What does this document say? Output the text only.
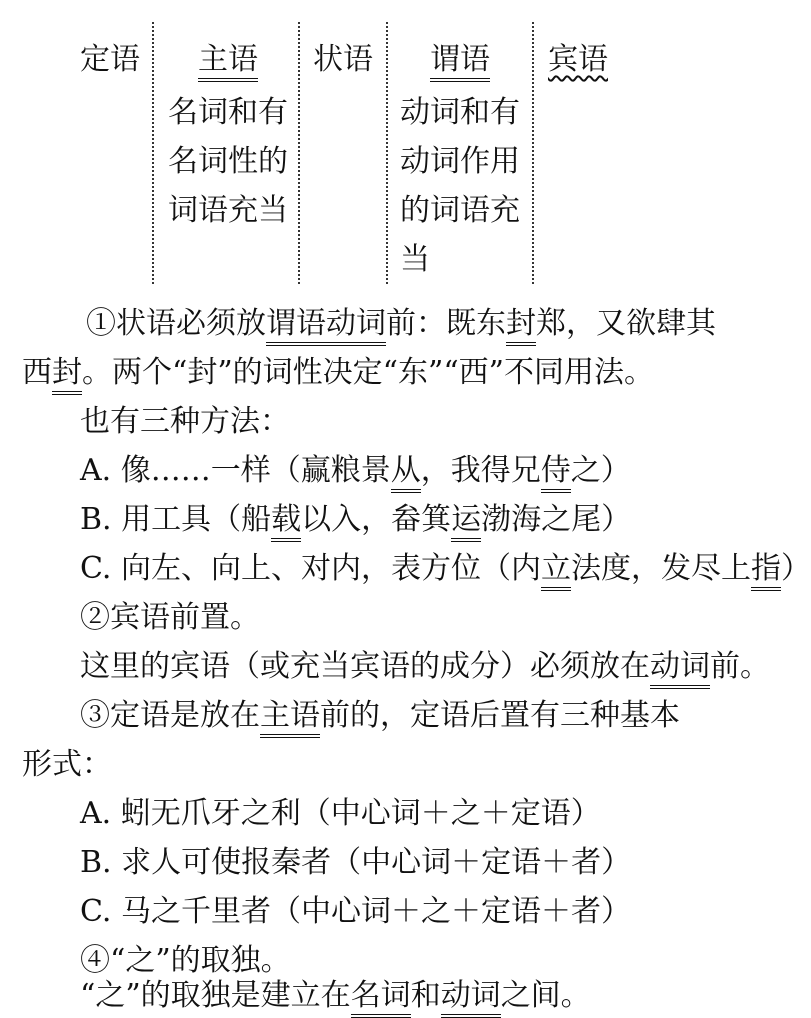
定语 主语
名词和有
名词性的
词语充当
状语 谓语
动词和有
动词作用
的词语充
当
宾语
①状语必须放谓语动词前：既东封郑，又欲肆其
西封。两个“封”的词性决定“东”“西”不同用法。
也有三种方法：
A. 像……一样（赢粮景从，我得兄侍之）
B. 用工具（船载以入，畚箕运渤海之尾）
C. 向左、向上、对内，表方位（内立法度，发尽上指）
②宾语前置。
这里的宾语（或充当宾语的成分）必须放在动词前。
③定语是放在主语前的，定语后置有三种基本
形式：
A. 蚓无爪牙之利（中心词＋之＋定语）
B. 求人可使报秦者（中心词＋定语＋者）
C. 马之千里者（中心词＋之＋定语＋者）
④“之”的取独。
“之”的取独是建立在名词和动词之间。
